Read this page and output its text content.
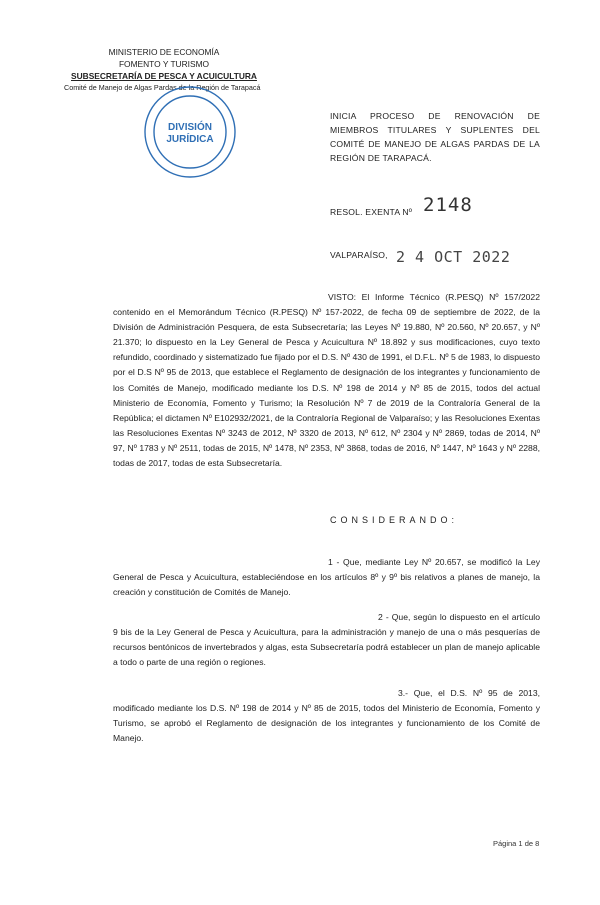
MINISTERIO DE ECONOMÍA
FOMENTO Y TURISMO
SUBSECRETARÍA DE PESCA Y ACUICULTURA
Comité de Manejo de Algas Pardas de la Región de Tarapacá
DIVISIÓN
JURÍDICA
INICIA PROCESO DE RENOVACIÓN DE MIEMBROS TITULARES Y SUPLENTES DEL COMITÉ DE MANEJO DE ALGAS PARDAS DE LA REGIÓN DE TARAPACÁ.
RESOL. EXENTA Nº 2148
VALPARAÍSO, 2 4 OCT 2022
VISTO: El Informe Técnico (R.PESQ) Nº 157/2022 contenido en el Memorándum Técnico (R.PESQ) Nº 157-2022, de fecha 09 de septiembre de 2022, de la División de Administración Pesquera, de esta Subsecretaría; las Leyes Nº 19.880, Nº 20.560, Nº 20.657, y Nº 21.370; lo dispuesto en la Ley General de Pesca y Acuicultura Nº 18.892 y sus modificaciones, cuyo texto refundido, coordinado y sistematizado fue fijado por el D.S. Nº 430 de 1991, el D.F.L. Nº 5 de 1983, lo dispuesto por el D.S Nº 95 de 2013, que establece el Reglamento de designación de los integrantes y funcionamiento de los Comités de Manejo, modificado mediante los D.S. Nº 198 de 2014 y Nº 85 de 2015, todos del actual Ministerio de Economía, Fomento y Turismo; la Resolución Nº 7 de 2019 de la Contraloría General de la República; el dictamen Nº E102932/2021, de la Contraloría Regional de Valparaíso; y las Resoluciones Exentas las Resoluciones Exentas Nº 3243 de 2012, Nº 3320 de 2013, Nº 612, Nº 2304 y Nº 2869, todas de 2014, Nº 97, Nº 1783 y Nº 2511, todas de 2015, Nº 1478, Nº 2353, Nº 3868, todas de 2016, Nº 1447, Nº 1643 y Nº 2288, todas de 2017, todas de esta Subsecretaría.
CONSIDERANDO:
1 - Que, mediante Ley Nº 20.657, se modificó la Ley General de Pesca y Acuicultura, estableciéndose en los artículos 8º y 9º bis relativos a planes de manejo, la creación y constitución de Comités de Manejo.
2 - Que, según lo dispuesto en el artículo 9 bis de la Ley General de Pesca y Acuicultura, para la administración y manejo de una o más pesquerías de recursos bentónicos de invertebrados y algas, esta Subsecretaría podrá establecer un plan de manejo aplicable a todo o parte de una región o regiones.
3.- Que, el D.S. Nº 95 de 2013, modificado mediante los D.S. Nº 198 de 2014 y Nº 85 de 2015, todos del Ministerio de Economía, Fomento y Turismo, se aprobó el Reglamento de designación de los integrantes y funcionamiento de los Comité de Manejo.
Página 1 de 8
